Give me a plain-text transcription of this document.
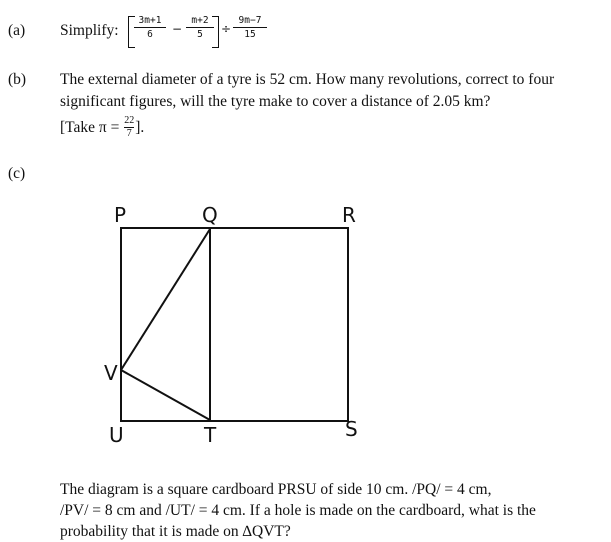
(a) Simplify:
3m+1
6	−
m+2
5	÷
9m−7
15
(b) The external diameter of a tyre is 52 cm. How many revolutions, correct to four
significant figures, will the tyre make to cover a distance of 2.05 km?
[Take $\pi = \frac{22}{7}$].
(c)
P	Q	R
V
U	T	S
The diagram is a square cardboard PRSU of side 10 cm. /PQ/ = 4 cm,
/PV/ = 8 cm and /UT/ = 4 cm. If a hole is made on the cardboard, what is the
probability that it is made on ∆QVT?
